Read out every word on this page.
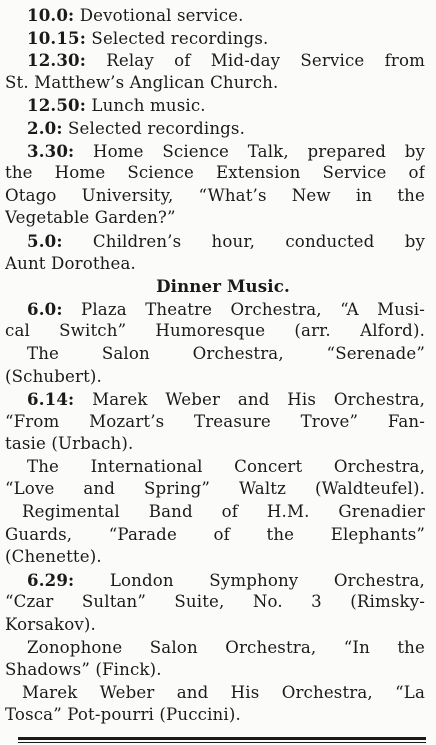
10.0: Devotional service.
10.15: Selected recordings.
12.30: Relay of Mid-day Service from
St. Matthew’s Anglican Church.
12.50: Lunch music.
2.0: Selected recordings.
3.30: Home Science Talk, prepared by
the Home Science Extension Service of
Otago University, “What’s New in the
Vegetable Garden?”
5.0: Children’s hour, conducted by
Aunt Dorothea.
Dinner Music.
6.0: Plaza Theatre Orchestra, “A Musi-
cal Switch” Humoresque (arr. Alford).
The Salon Orchestra, “Serenade”
(Schubert).
6.14: Marek Weber and His Orchestra,
“From Mozart’s Treasure Trove” Fan-
tasie (Urbach).
The International Concert Orchestra,
“Love and Spring” Waltz (Waldteufel).
Regimental Band of H.M. Grenadier
Guards, “Parade of the Elephants”
(Chenette).
6.29: London Symphony Orchestra,
“Czar Sultan” Suite, No. 3 (Rimsky-
Korsakov).
Zonophone Salon Orchestra, “In the
Shadows” (Finck).
Marek Weber and His Orchestra, “La
Tosca” Pot-pourri (Puccini).
